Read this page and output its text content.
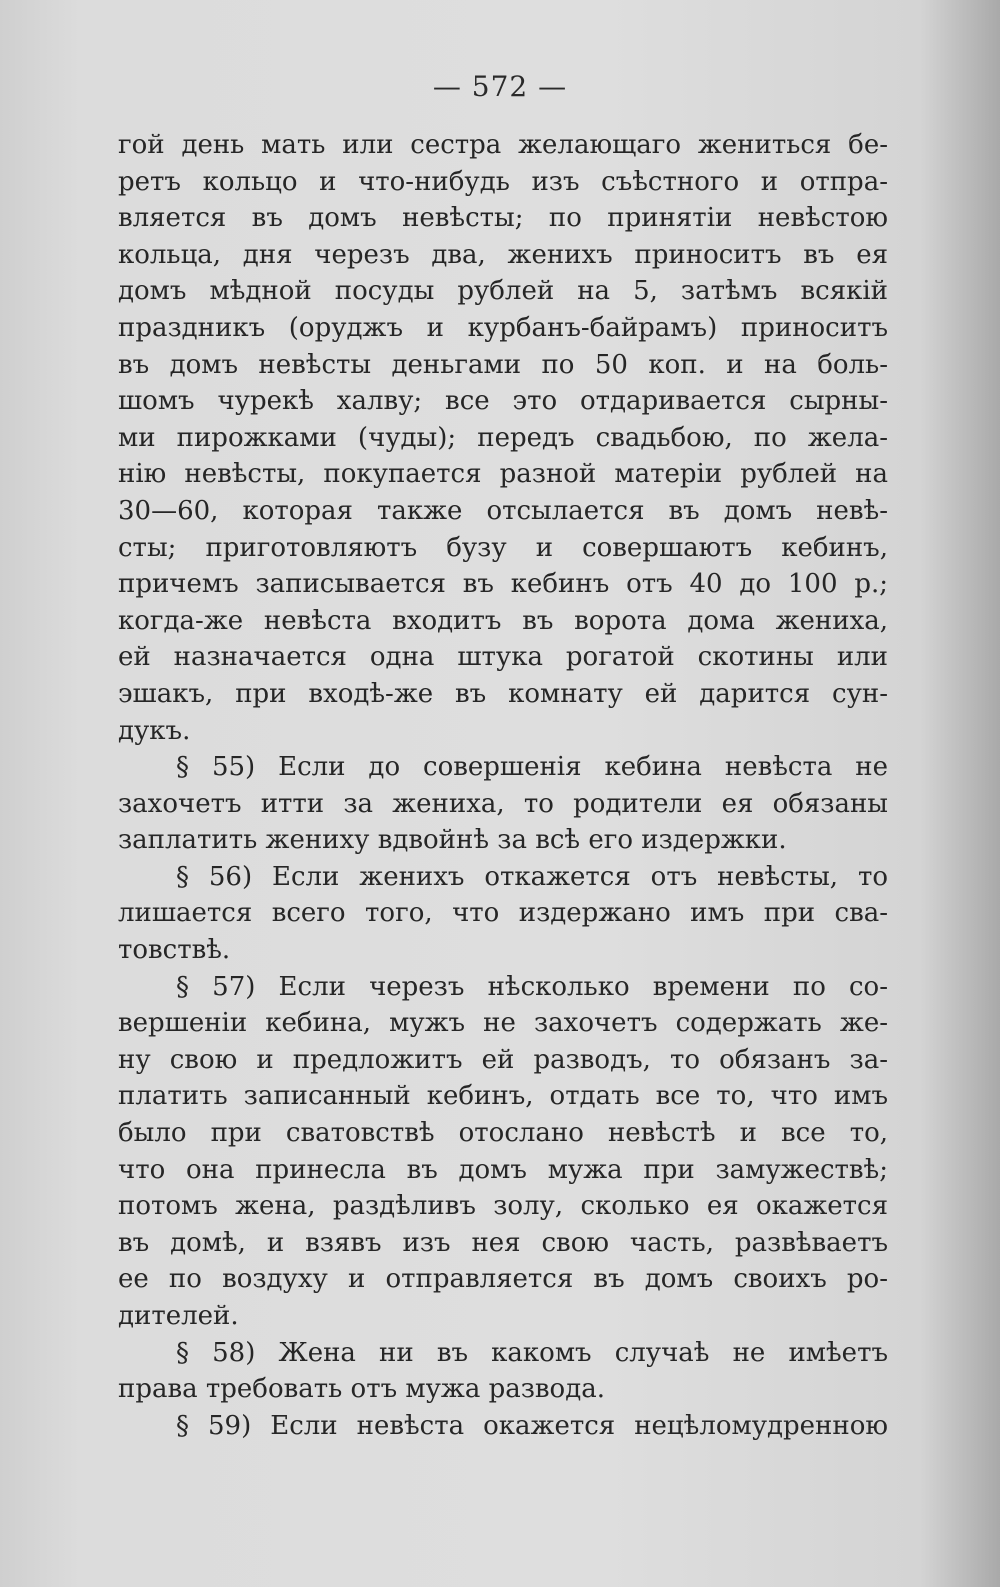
— 572 —
гой день мать или сестра желающаго жениться бе-
ретъ кольцо и что-нибудь изъ съѣстного и отпра-
вляется въ домъ невѣсты; по принятіи невѣстою
кольца, дня черезъ два, женихъ приноситъ въ ея
домъ мѣдной посуды рублей на 5, затѣмъ всякій
праздникъ (оруджъ и курбанъ-байрамъ) приноситъ
въ домъ невѣсты деньгами по 50 коп. и на боль-
шомъ чурекѣ халву; все это отдаривается сырны-
ми пирожками (чуды); передъ свадьбою, по жела-
нію невѣсты, покупается разной матеріи рублей на
30—60, которая также отсылается въ домъ невѣ-
сты; приготовляютъ бузу и совершаютъ кебинъ,
причемъ записывается въ кебинъ отъ 40 до 100 р.;
когда-же невѣста входитъ въ ворота дома жениха,
ей назначается одна штука рогатой скотины или
эшакъ, при входѣ-же въ комнату ей дарится сун-
дукъ.
§ 55) Если до совершенія кебина невѣста не
захочетъ итти за жениха, то родители ея обязаны
заплатить жениху вдвойнѣ за всѣ его издержки.
§ 56) Если женихъ откажется отъ невѣсты, то
лишается всего того, что издержано имъ при сва-
товствѣ.
§ 57) Если черезъ нѣсколько времени по со-
вершеніи кебина, мужъ не захочетъ содержать же-
ну свою и предложитъ ей разводъ, то обязанъ за-
платить записанный кебинъ, отдать все то, что имъ
было при сватовствѣ отослано невѣстѣ и все то,
что она принесла въ домъ мужа при замужествѣ;
потомъ жена, раздѣливъ золу, сколько ея окажется
въ домѣ, и взявъ изъ нея свою часть, развѣваетъ
ее по воздуху и отправляется въ домъ своихъ ро-
дителей.
§ 58) Жена ни въ какомъ случаѣ не имѣетъ
права требовать отъ мужа развода.
§ 59) Если невѣста окажется нецѣломудренною
